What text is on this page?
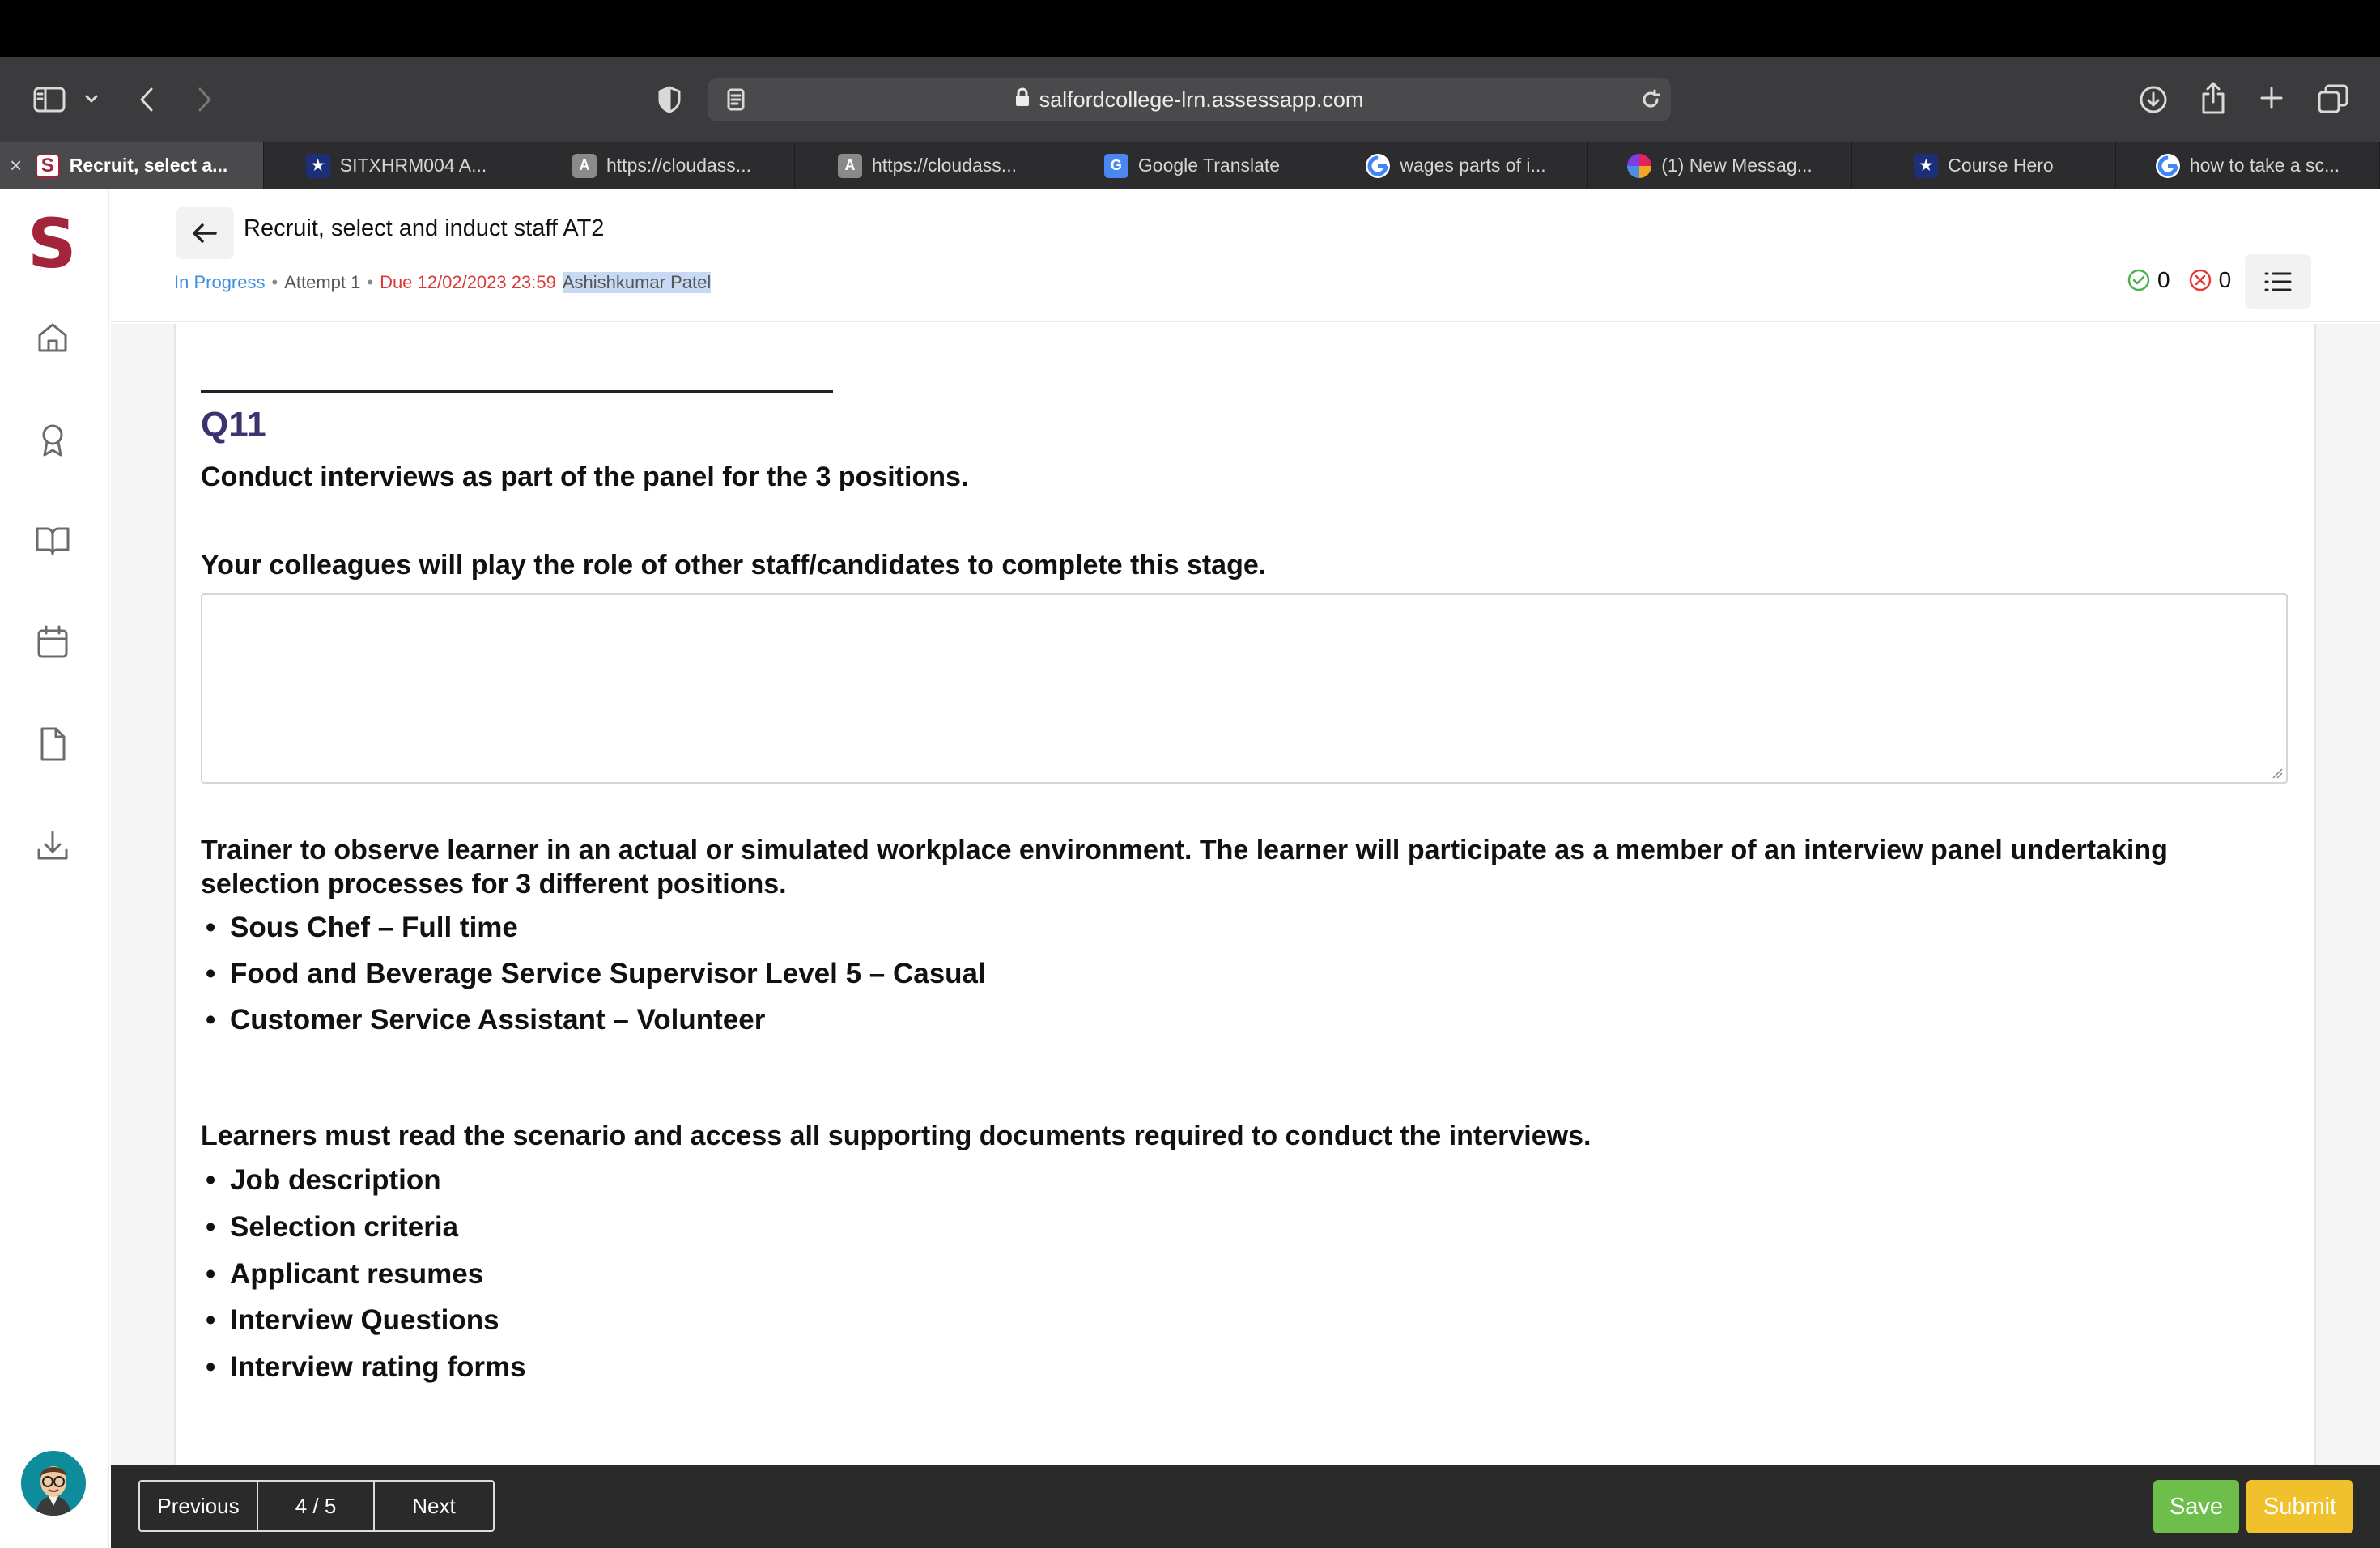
salfordcollege-lrn.assessapp.com
× S Recruit, select a...	★ SITXHRM004 A...	A https://cloudass...	A https://cloudass...	G Google Translate	wages parts of i...	(1) New Messag...	★ Course Hero	how to take a sc...
S	Recruit, select and induct staff AT2
In Progress • Attempt 1 • Due 12/02/2023 23:59 Ashishkumar Patel	0 0
Q11
Conduct interviews as part of the panel for the 3 positions.
Your colleagues will play the role of other staff/candidates to complete this stage.
Trainer to observe learner in an actual or simulated workplace environment. The learner will participate as a member of an interview panel undertaking selection processes for 3 different positions.
• Sous Chef – Full time
• Food and Beverage Service Supervisor Level 5 – Casual
• Customer Service Assistant – Volunteer
Learners must read the scenario and access all supporting documents required to conduct the interviews.
• Job description
• Selection criteria
• Applicant resumes
• Interview Questions
• Interview rating forms
Previous	4 / 5	Next	Save	Submit
